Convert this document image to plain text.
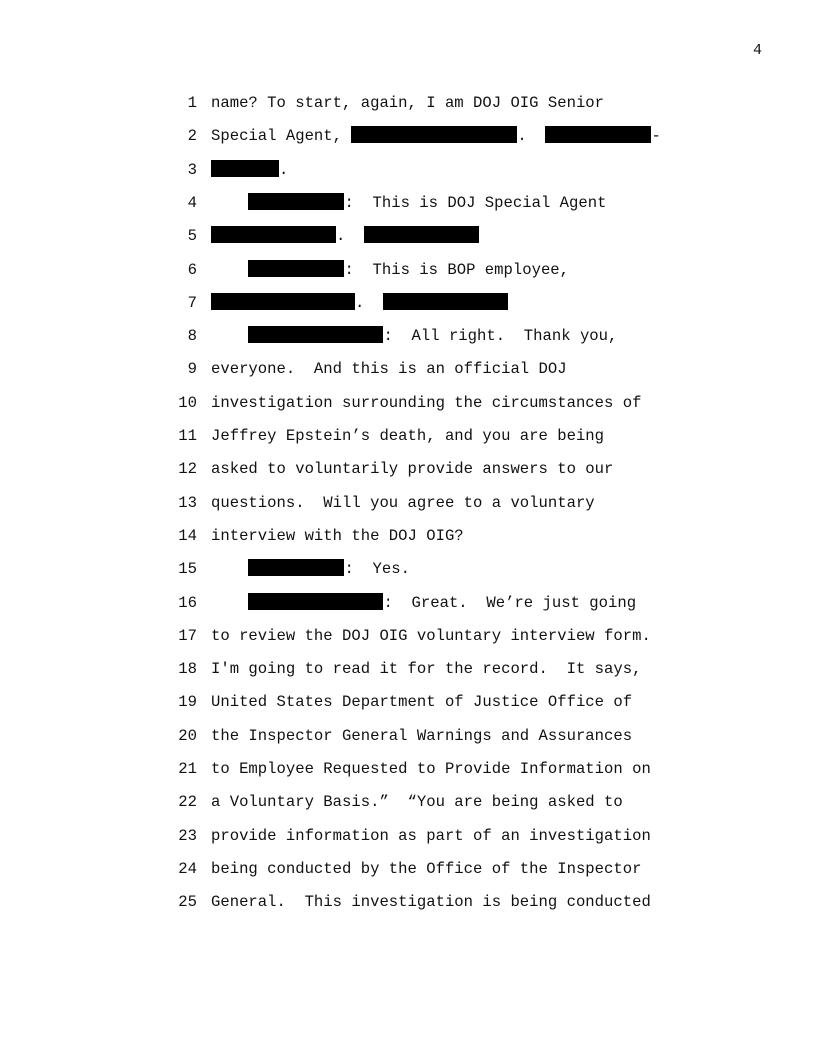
4
1 name? To start, again, I am DOJ OIG Senior
2 Special Agent,	.	-
3	.
4	:  This is DOJ Special Agent
5	.
6	:  This is BOP employee,
7	.
8	:  All right.  Thank you,
9 everyone.  And this is an official DOJ
10 investigation surrounding the circumstances of
11 Jeffrey Epstein’s death, and you are being
12 asked to voluntarily provide answers to our
13 questions.  Will you agree to a voluntary
14 interview with the DOJ OIG?
15	:  Yes.
16	:  Great.  We’re just going
17 to review the DOJ OIG voluntary interview form.
18 I'm going to read it for the record.  It says,
19 United States Department of Justice Office of
20 the Inspector General Warnings and Assurances
21 to Employee Requested to Provide Information on
22 a Voluntary Basis.”  “You are being asked to
23 provide information as part of an investigation
24 being conducted by the Office of the Inspector
25 General.  This investigation is being conducted
